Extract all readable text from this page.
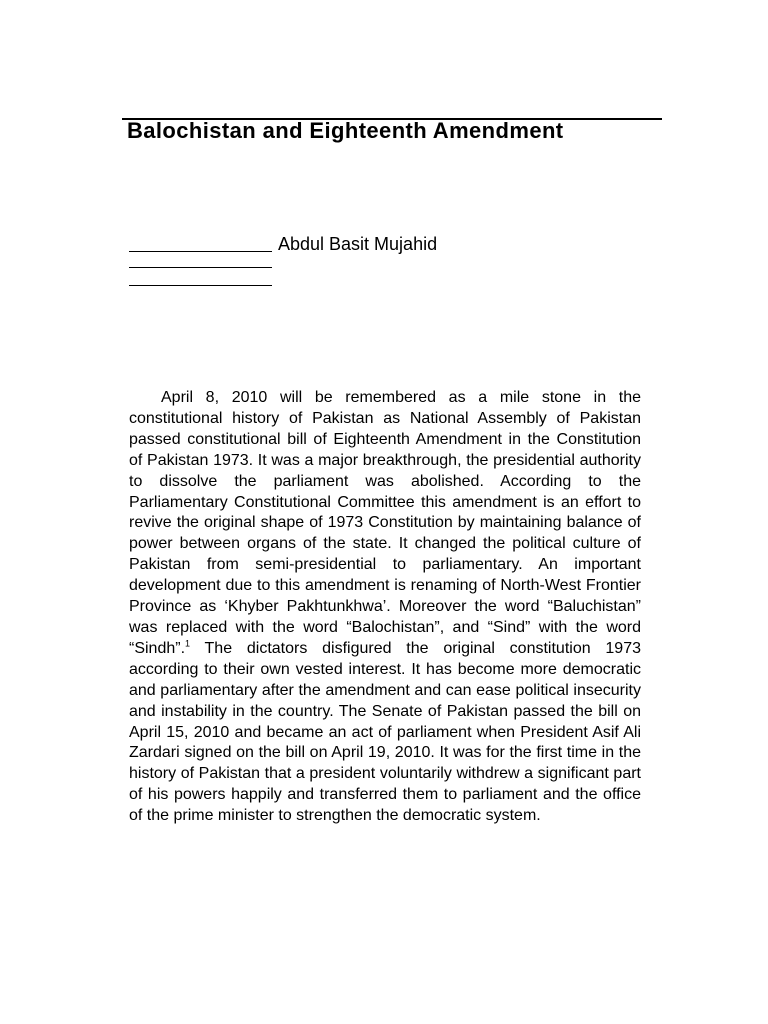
Balochistan and Eighteenth Amendment
Abdul Basit Mujahid

April 8, 2010 will be remembered as a mile stone in the constitutional history of Pakistan as National Assembly of Pakistan passed constitutional bill of Eighteenth Amendment in the Constitution of Pakistan 1973. It was a major breakthrough, the presidential authority to dissolve the parliament was abolished. According to the Parliamentary Constitutional Committee this amendment is an effort to revive the original shape of 1973 Constitution by maintaining balance of power between organs of the state. It changed the political culture of Pakistan from semi-presidential to parliamentary. An important development due to this amendment is renaming of North-West Frontier Province as ‘Khyber Pakhtunkhwa’. Moreover the word “Baluchistan” was replaced with the word “Balochistan”, and “Sind” with the word “Sindh”.$^1$ The dictators disfigured the original constitution 1973 according to their own vested interest. It has become more democratic and parliamentary after the amendment and can ease political insecurity and instability in the country. The Senate of Pakistan passed the bill on April 15, 2010 and became an act of parliament when President Asif Ali Zardari signed on the bill on April 19, 2010. It was for the first time in the history of Pakistan that a president voluntarily withdrew a significant part of his powers happily and transferred them to parliament and the office of the prime minister to strengthen the democratic system.
